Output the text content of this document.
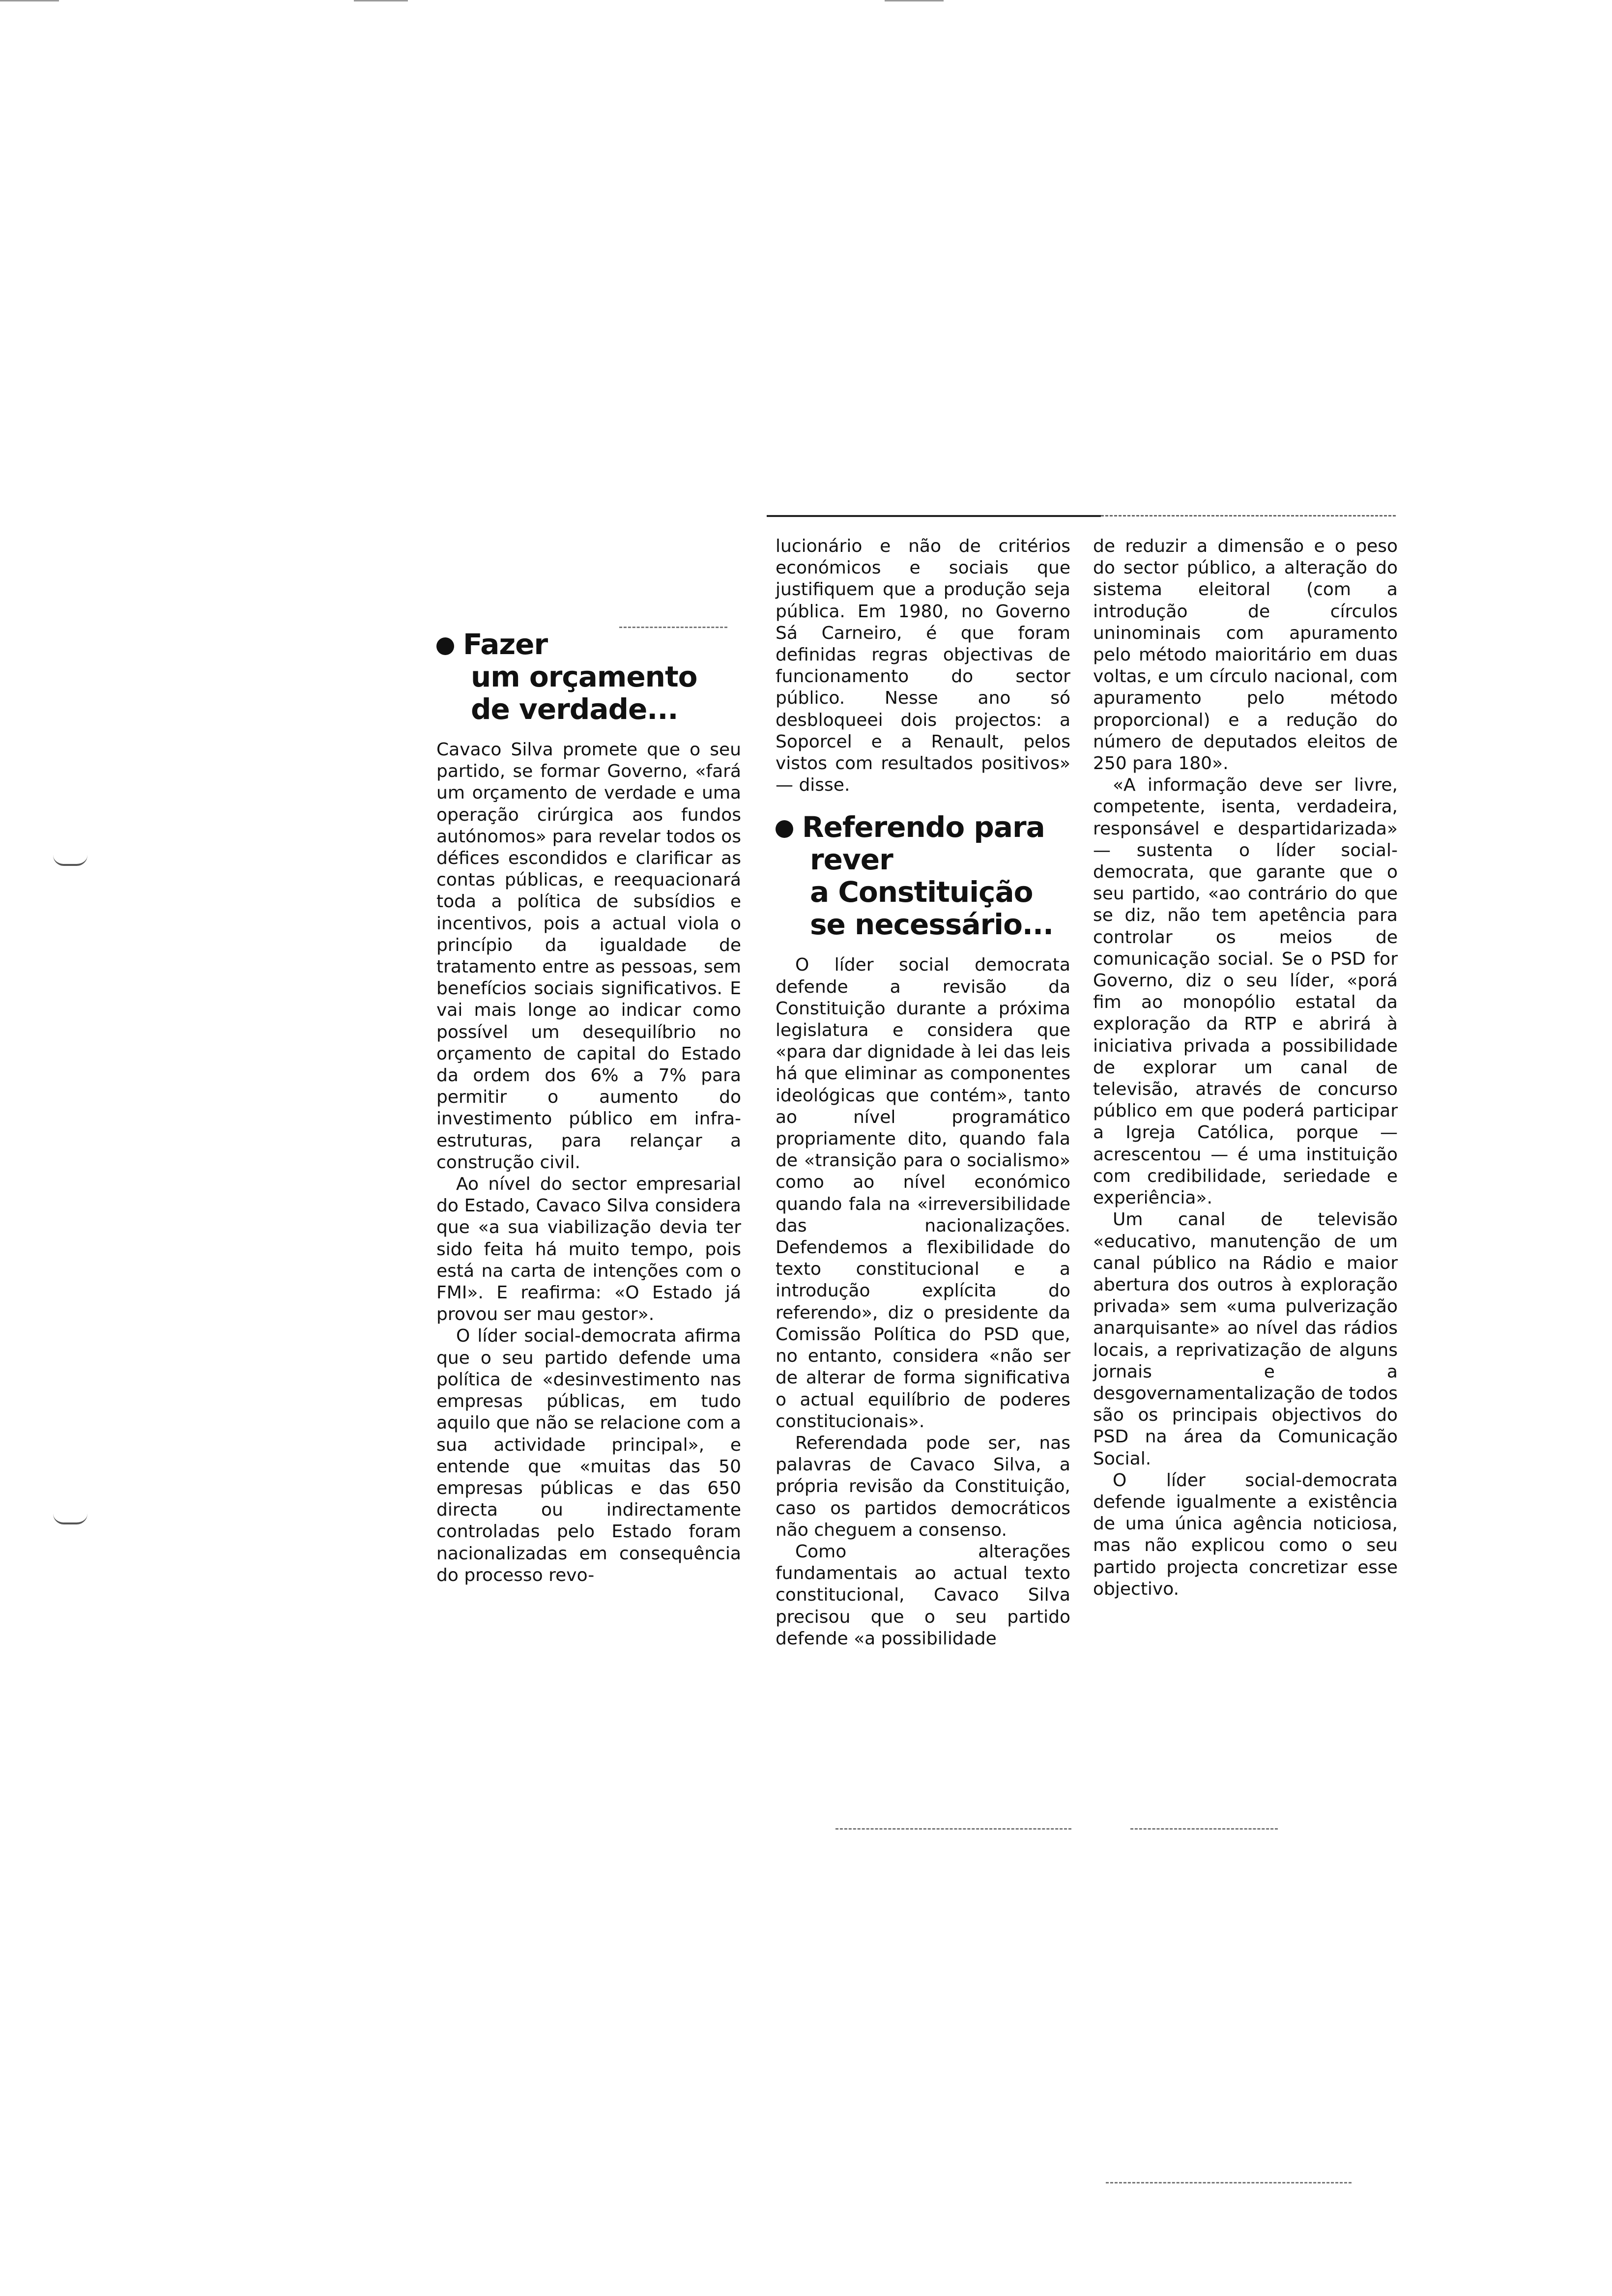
Fazer
um orçamento
de verdade...

Cavaco Silva promete que o seu partido, se formar Governo, «fará um orçamento de verdade e uma operação cirúrgica aos fundos autónomos» para revelar todos os défices escondidos e clarificar as contas públicas, e reequacionará toda a política de subsídios e incentivos, pois a actual viola o princípio da igualdade de tratamento entre as pessoas, sem benefícios sociais significativos. E vai mais longe ao indicar como possível um desequilíbrio no orçamento de capital do Estado da ordem dos 6% a 7% para permitir o aumento do investimento público em infra-estruturas, para relançar a construção civil.

Ao nível do sector empresarial do Estado, Cavaco Silva considera que «a sua viabilização devia ter sido feita há muito tempo, pois está na carta de intenções com o FMI». E reafirma: «O Estado já provou ser mau gestor».

O líder social-democrata afirma que o seu partido defende uma política de «desinvestimento nas empresas públicas, em tudo aquilo que não se relacione com a sua actividade principal», e entende que «muitas das 50 empresas públicas e das 650 directa ou indirectamente controladas pelo Estado foram nacionalizadas em consequência do processo revo-

lucionário e não de critérios económicos e sociais que justifiquem que a produção seja pública. Em 1980, no Governo Sá Carneiro, é que foram definidas regras objectivas de funcionamento do sector público. Nesse ano só desbloqueei dois projectos: a Soporcel e a Renault, pelos vistos com resultados positivos» — disse.

Referendo para
rever
a Constituição
se necessário...

O líder social democrata defende a revisão da Constituição durante a próxima legislatura e considera que «para dar dignidade à lei das leis há que eliminar as componentes ideológicas que contém», tanto ao nível programático propriamente dito, quando fala de «transição para o socialismo» como ao nível económico quando fala na «irreversibilidade das nacionalizações. Defendemos a flexibilidade do texto constitucional e a introdução explícita do referendo», diz o presidente da Comissão Política do PSD que, no entanto, considera «não ser de alterar de forma significativa o actual equilíbrio de poderes constitucionais».

Referendada pode ser, nas palavras de Cavaco Silva, a própria revisão da Constituição, caso os partidos democráticos não cheguem a consenso.

Como alterações fundamentais ao actual texto constitucional, Cavaco Silva precisou que o seu partido defende «a possibilidade

de reduzir a dimensão e o peso do sector público, a alteração do sistema eleitoral (com a introdução de círculos uninominais com apuramento pelo método maioritário em duas voltas, e um círculo nacional, com apuramento pelo método proporcional) e a redução do número de deputados eleitos de 250 para 180».

«A informação deve ser livre, competente, isenta, verdadeira, responsável e despartidarizada» — sustenta o líder social-democrata, que garante que o seu partido, «ao contrário do que se diz, não tem apetência para controlar os meios de comunicação social. Se o PSD for Governo, diz o seu líder, «porá fim ao monopólio estatal da exploração da RTP e abrirá à iniciativa privada a possibilidade de explorar um canal de televisão, através de concurso público em que poderá participar a Igreja Católica, porque — acrescentou — é uma instituição com credibilidade, seriedade e experiência».

Um canal de televisão «educativo, manutenção de um canal público na Rádio e maior abertura dos outros à exploração privada» sem «uma pulverização anarquisante» ao nível das rádios locais, a reprivatização de alguns jornais e a desgovernamentalização de todos são os principais objectivos do PSD na área da Comunicação Social.

O líder social-democrata defende igualmente a existência de uma única agência noticiosa, mas não explicou como o seu partido projecta concretizar esse objectivo.
